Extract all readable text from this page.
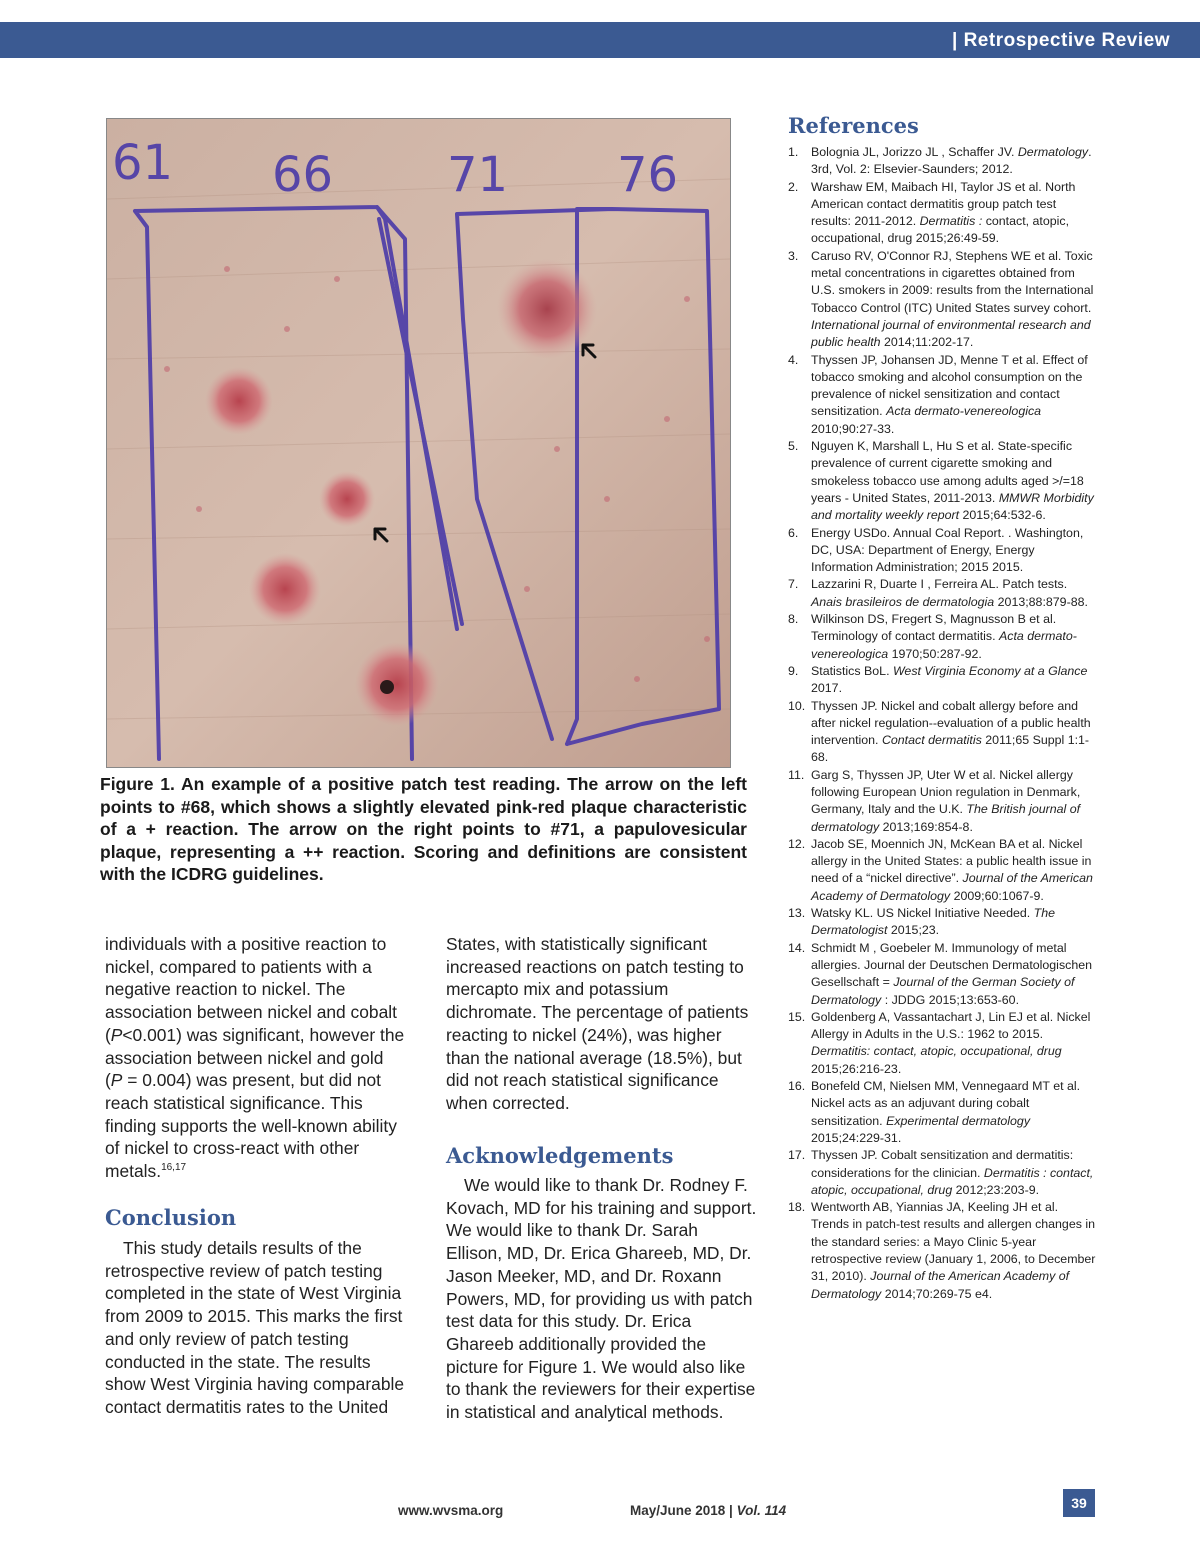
| Retrospective Review
61 66 71 76
Figure 1. An example of a positive patch test reading. The arrow on the left points to #68, which shows a slightly elevated pink-red plaque characteristic of a + reaction. The arrow on the right points to #71, a papulovesicular plaque, representing a ++ reaction. Scoring and definitions are consistent with the ICDRG guidelines.

individuals with a positive reaction to nickel, compared to patients with a negative reaction to nickel. The association between nickel and cobalt (P<0.001) was significant, however the association between nickel and gold (P = 0.004) was present, but did not reach statistical significance. This finding supports the well-known ability of nickel to cross-react with other metals.$^{16,17}$

Conclusion

This study details results of the retrospective review of patch testing completed in the state of West Virginia from 2009 to 2015. This marks the first and only review of patch testing conducted in the state. The results show West Virginia having comparable contact dermatitis rates to the United

States, with statistically significant increased reactions on patch testing to mercapto mix and potassium dichromate. The percentage of patients reacting to nickel (24%), was higher than the national average (18.5%), but did not reach statistical significance when corrected.

Acknowledgements

We would like to thank Dr. Rodney F. Kovach, MD for his training and support. We would like to thank Dr. Sarah Ellison, MD, Dr. Erica Ghareeb, MD, Dr. Jason Meeker, MD, and Dr. Roxann Powers, MD, for providing us with patch test data for this study. Dr. Erica Ghareeb additionally provided the picture for Figure 1. We would also like to thank the reviewers for their expertise in statistical and analytical methods.

References
1. Bolognia JL, Jorizzo JL , Schaffer JV. Dermatology. 3rd, Vol. 2: Elsevier-Saunders; 2012.
2. Warshaw EM, Maibach HI, Taylor JS et al. North American contact dermatitis group patch test results: 2011-2012. Dermatitis : contact, atopic, occupational, drug 2015;26:49-59.
3. Caruso RV, O'Connor RJ, Stephens WE et al. Toxic metal concentrations in cigarettes obtained from U.S. smokers in 2009: results from the International Tobacco Control (ITC) United States survey cohort. International journal of environmental research and public health 2014;11:202-17.
4. Thyssen JP, Johansen JD, Menne T et al. Effect of tobacco smoking and alcohol consumption on the prevalence of nickel sensitization and contact sensitization. Acta dermato-venereologica 2010;90:27-33.
5. Nguyen K, Marshall L, Hu S et al. State-specific prevalence of current cigarette smoking and smokeless tobacco use among adults aged >/=18 years - United States, 2011-2013. MMWR Morbidity and mortality weekly report 2015;64:532-6.
6. Energy USDo. Annual Coal Report. . Washington, DC, USA: Department of Energy, Energy Information Administration; 2015 2015.
7. Lazzarini R, Duarte I , Ferreira AL. Patch tests. Anais brasileiros de dermatologia 2013;88:879-88.
8. Wilkinson DS, Fregert S, Magnusson B et al. Terminology of contact dermatitis. Acta dermato-venereologica 1970;50:287-92.
9. Statistics BoL. West Virginia Economy at a Glance 2017.
10. Thyssen JP. Nickel and cobalt allergy before and after nickel regulation--evaluation of a public health intervention. Contact dermatitis 2011;65 Suppl 1:1-68.
11. Garg S, Thyssen JP, Uter W et al. Nickel allergy following European Union regulation in Denmark, Germany, Italy and the U.K. The British journal of dermatology 2013;169:854-8.
12. Jacob SE, Moennich JN, McKean BA et al. Nickel allergy in the United States: a public health issue in need of a “nickel directive”. Journal of the American Academy of Dermatology 2009;60:1067-9.
13. Watsky KL. US Nickel Initiative Needed. The Dermatologist 2015;23.
14. Schmidt M , Goebeler M. Immunology of metal allergies. Journal der Deutschen Dermatologischen Gesellschaft = Journal of the German Society of Dermatology : JDDG 2015;13:653-60.
15. Goldenberg A, Vassantachart J, Lin EJ et al. Nickel Allergy in Adults in the U.S.: 1962 to 2015. Dermatitis: contact, atopic, occupational, drug 2015;26:216-23.
16. Bonefeld CM, Nielsen MM, Vennegaard MT et al. Nickel acts as an adjuvant during cobalt sensitization. Experimental dermatology 2015;24:229-31.
17. Thyssen JP. Cobalt sensitization and dermatitis: considerations for the clinician. Dermatitis : contact, atopic, occupational, drug 2012;23:203-9.
18. Wentworth AB, Yiannias JA, Keeling JH et al. Trends in patch-test results and allergen changes in the standard series: a Mayo Clinic 5-year retrospective review (January 1, 2006, to December 31, 2010). Journal of the American Academy of Dermatology 2014;70:269-75 e4.
www.wvsma.org	May/June 2018 | Vol. 114	39
